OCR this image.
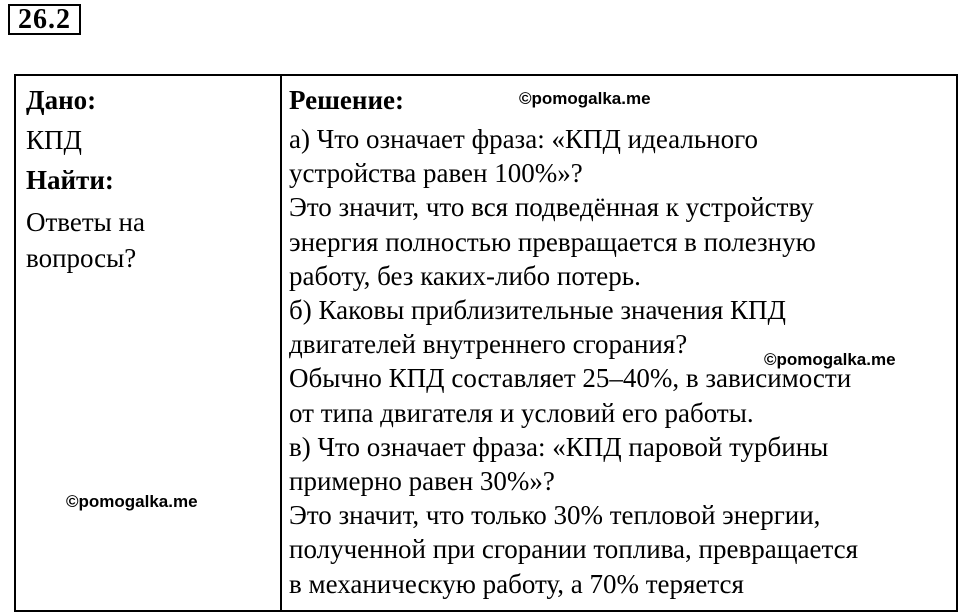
26.2

Дано:

КПД

Найти:

Ответы на

вопросы?

Решение:

а) Что означает фраза: «КПД идеального

устройства равен 100%»?

Это значит, что вся подведённая к устройству

энергия полностью превращается в полезную

работу, без каких-либо потерь.

б) Каковы приблизительные значения КПД

двигателей внутреннего сгорания?

Обычно КПД составляет 25–40%, в зависимости

от типа двигателя и условий его работы.

в) Что означает фраза: «КПД паровой турбины

примерно равен 30%»?

Это значит, что только 30% тепловой энергии,

полученной при сгорании топлива, превращается

в механическую работу, а 70% теряется

©pomogalka.me
©pomogalka.me
©pomogalka.me
